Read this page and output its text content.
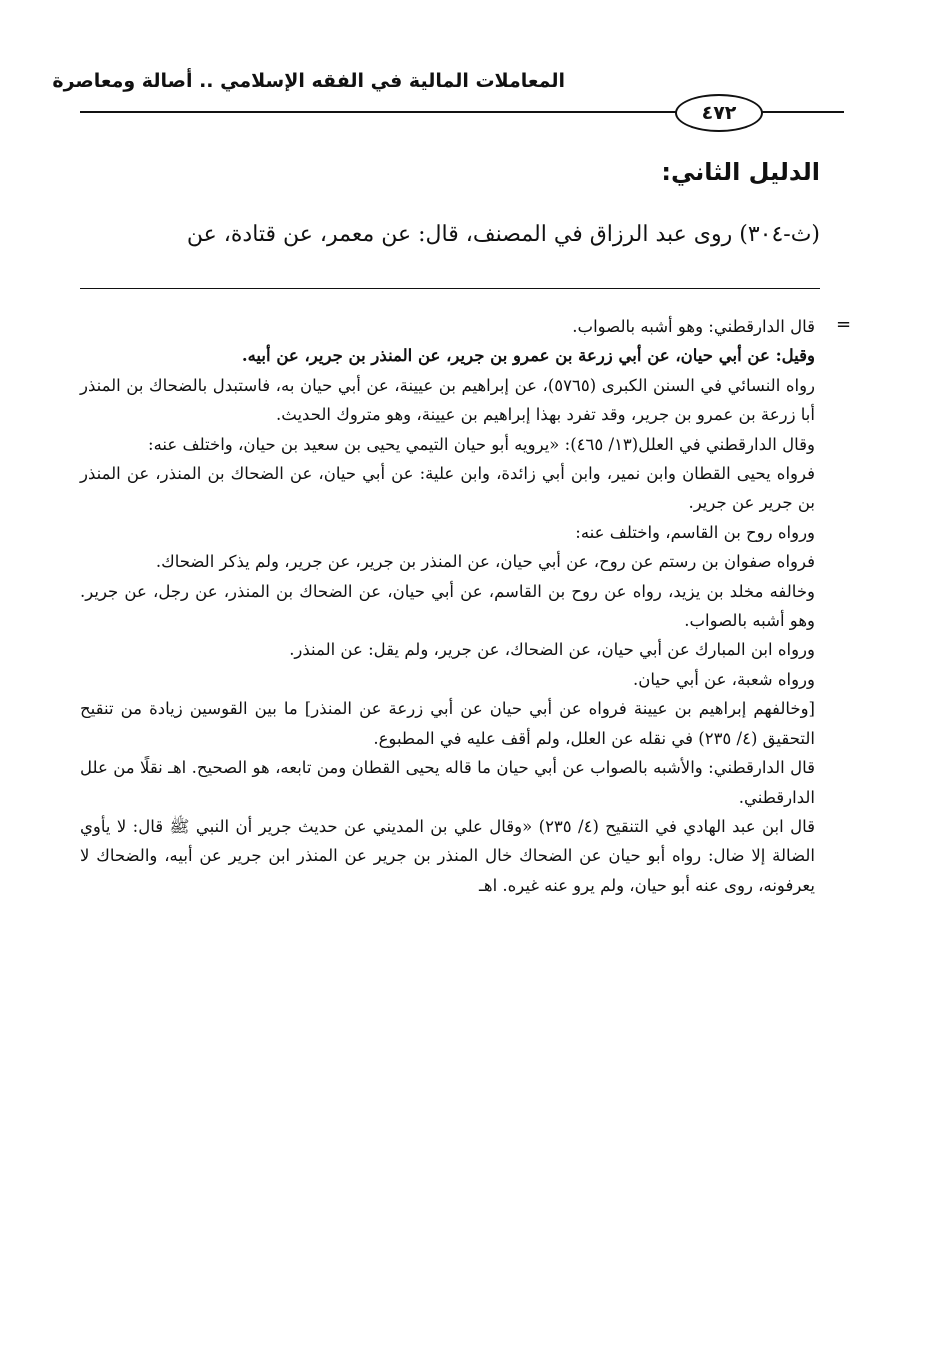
المعاملات المالية في الفقه الإسلامي .. أصالة ومعاصرة
٤٧٢
الدليل الثاني:
(ث-٣٠٤) روى عبد الرزاق في المصنف، قال: عن معمر، عن قتادة، عن
=

قال الدارقطني: وهو أشبه بالصواب.

وقيل: عن أبي حيان، عن أبي زرعة بن عمرو بن جرير، عن المنذر بن جرير، عن أبيه.

رواه النسائي في السنن الكبرى (٥٧٦٥)، عن إبراهيم بن عيينة، عن أبي حيان به، فاستبدل بالضحاك بن المنذر أبا زرعة بن عمرو بن جرير، وقد تفرد بهذا إبراهيم بن عيينة، وهو متروك الحديث.

وقال الدارقطني في العلل(١٣/ ٤٦٥): «يرويه أبو حيان التيمي يحيى بن سعيد بن حيان، واختلف عنه:

فرواه يحيى القطان وابن نمير، وابن أبي زائدة، وابن علية: عن أبي حيان، عن الضحاك بن المنذر، عن المنذر بن جرير عن جرير.

ورواه روح بن القاسم، واختلف عنه:

فرواه صفوان بن رستم عن روح، عن أبي حيان، عن المنذر بن جرير، عن جرير، ولم يذكر الضحاك.

وخالفه مخلد بن يزيد، رواه عن روح بن القاسم، عن أبي حيان، عن الضحاك بن المنذر، عن رجل، عن جرير. وهو أشبه بالصواب.

ورواه ابن المبارك عن أبي حيان، عن الضحاك، عن جرير، ولم يقل: عن المنذر.

ورواه شعبة، عن أبي حيان.

[وخالفهم إبراهيم بن عيينة فرواه عن أبي حيان عن أبي زرعة عن المنذر] ما بين القوسين زيادة من تنقيح التحقيق (٤/ ٢٣٥) في نقله عن العلل، ولم أقف عليه في المطبوع.

قال الدارقطني: والأشبه بالصواب عن أبي حيان ما قاله يحيى القطان ومن تابعه، هو الصحيح. اهـ نقلًا من علل الدارقطني.

قال ابن عبد الهادي في التنقيح (٤/ ٢٣٥) «وقال علي بن المديني عن حديث جرير أن النبي ﷺ قال: لا يأوي الضالة إلا ضال: رواه أبو حيان عن الضحاك خال المنذر بن جرير عن المنذر ابن جرير عن أبيه، والضحاك لا يعرفونه، روى عنه أبو حيان، ولم يرو عنه غيره. اهـ
